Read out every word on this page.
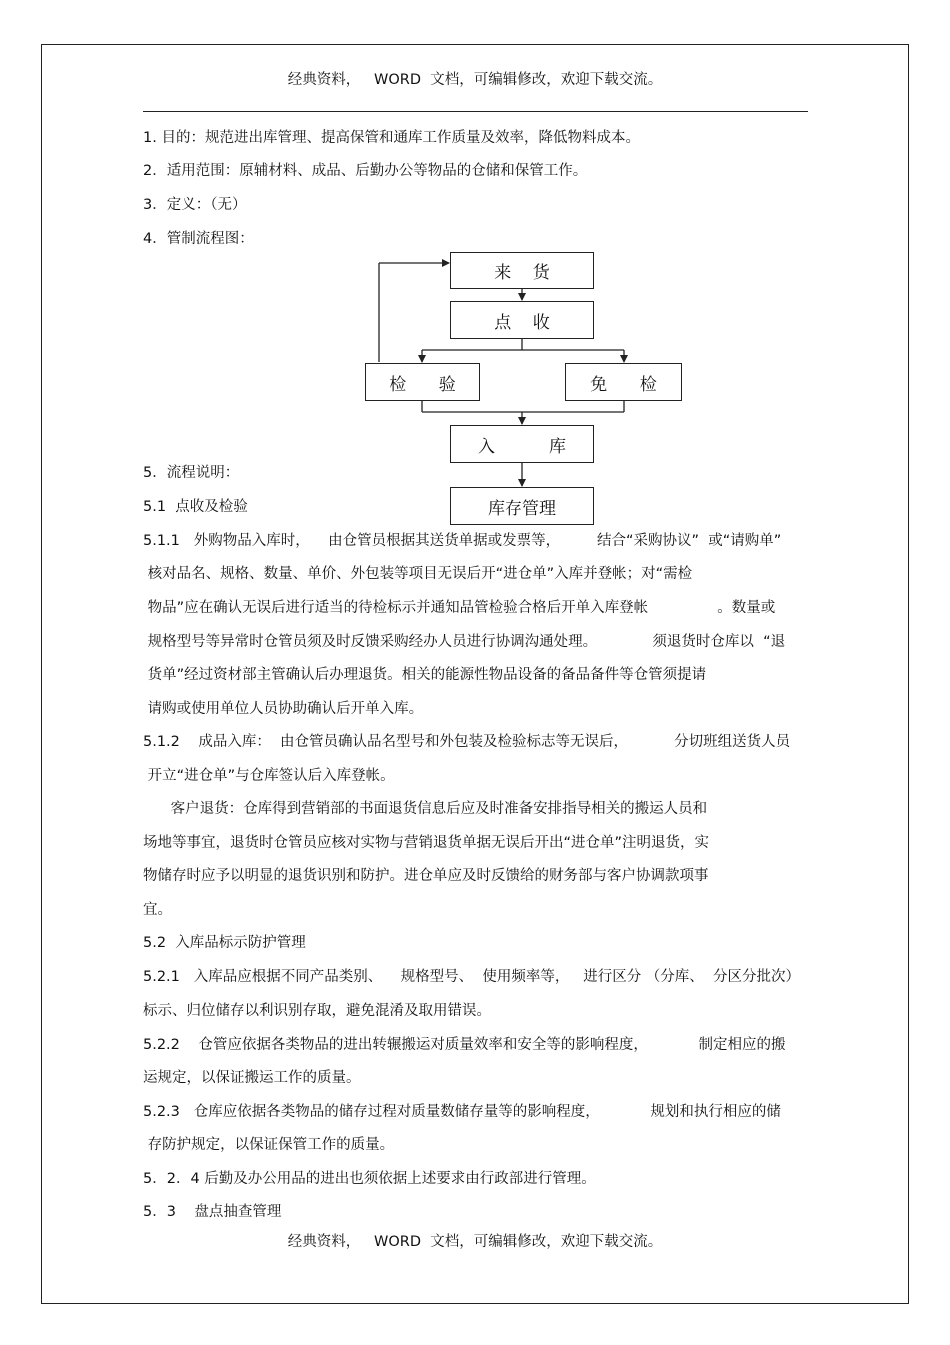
经典资料，   WORD  文档，可编辑修改，欢迎下载交流。
1. 目的：规范进出库管理、提高保管和通库工作质量及效率，降低物料成本。
2．适用范围：原辅材料、成品、后勤办公等物品的仓储和保管工作。
3．定义：（无）
4．管制流程图：
来    货
点    收
检      验	免      检
入          库
库存管理
5．流程说明：
5.1  点收及检验
5.1.1   外购物品入库时，    由仓管员根据其送货单据或发票等，        结合“采购协议”  或“请购单”
核对品名、规格、数量、单价、外包装等项目无误后开“进仓单”入库并登帐；对“需检
物品”应在确认无误后进行适当的待检标示并通知品管检验合格后开单入库登帐               。数量或
规格型号等异常时仓管员须及时反馈采购经办人员进行协调沟通处理。            须退货时仓库以  “退
货单”经过资材部主管确认后办理退货。相关的能源性物品设备的备品备件等仓管须提请
请购或使用单位人员协助确认后开单入库。
5.1.2    成品入库：  由仓管员确认品名型号和外包装及检验标志等无误后，          分切班组送货人员
开立“进仓单”与仓库签认后入库登帐。
客户退货：仓库得到营销部的书面退货信息后应及时准备安排指导相关的搬运人员和
场地等事宜，退货时仓管员应核对实物与营销退货单据无误后开出“进仓单”注明退货，实
物储存时应予以明显的退货识别和防护。进仓单应及时反馈给的财务部与客户协调款项事
宜。
5.2  入库品标示防护管理
5.2.1   入库品应根据不同产品类别、    规格型号、  使用频率等，   进行区分 （分库、  分区分批次）
标示、归位储存以利识别存取，避免混淆及取用错误。
5.2.2    仓管应依据各类物品的进出转辗搬运对质量效率和安全等的影响程度，           制定相应的搬
运规定，以保证搬运工作的质量。
5.2.3   仓库应依据各类物品的储存过程对质量数储存量等的影响程度，           规划和执行相应的储
存防护规定，以保证保管工作的质量。
5．2．4 后勤及办公用品的进出也须依据上述要求由行政部进行管理。
5．3    盘点抽查管理
经典资料，   WORD  文档，可编辑修改，欢迎下载交流。
